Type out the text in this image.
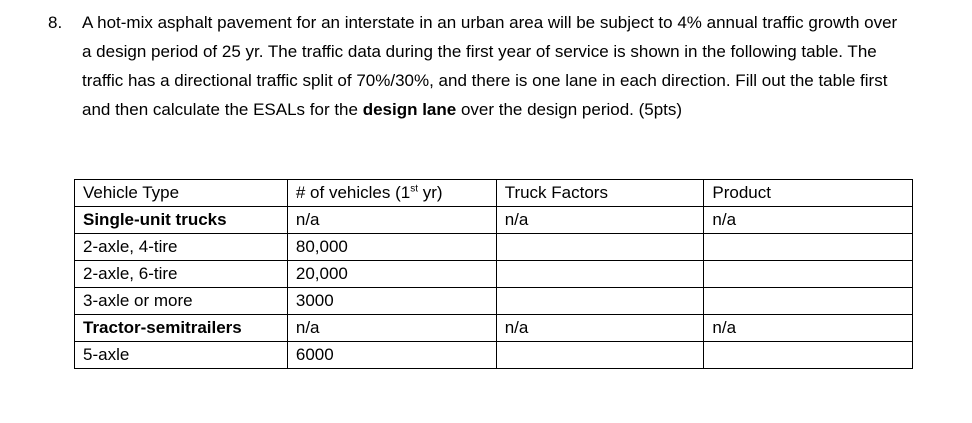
8. A hot-mix asphalt pavement for an interstate in an urban area will be subject to 4% annual traffic growth over a design period of 25 yr. The traffic data during the first year of service is shown in the following table. The traffic has a directional traffic split of 70%/30%, and there is one lane in each direction. Fill out the table first and then calculate the ESALs for the design lane over the design period. (5pts)
Vehicle Type	# of vehicles (1st yr)	Truck Factors	Product
Single-unit trucks	n/a	n/a	n/a
2-axle, 4-tire	80,000		
2-axle, 6-tire	20,000		
3-axle or more	3000		
Tractor-semitrailers	n/a	n/a	n/a
5-axle	6000		
